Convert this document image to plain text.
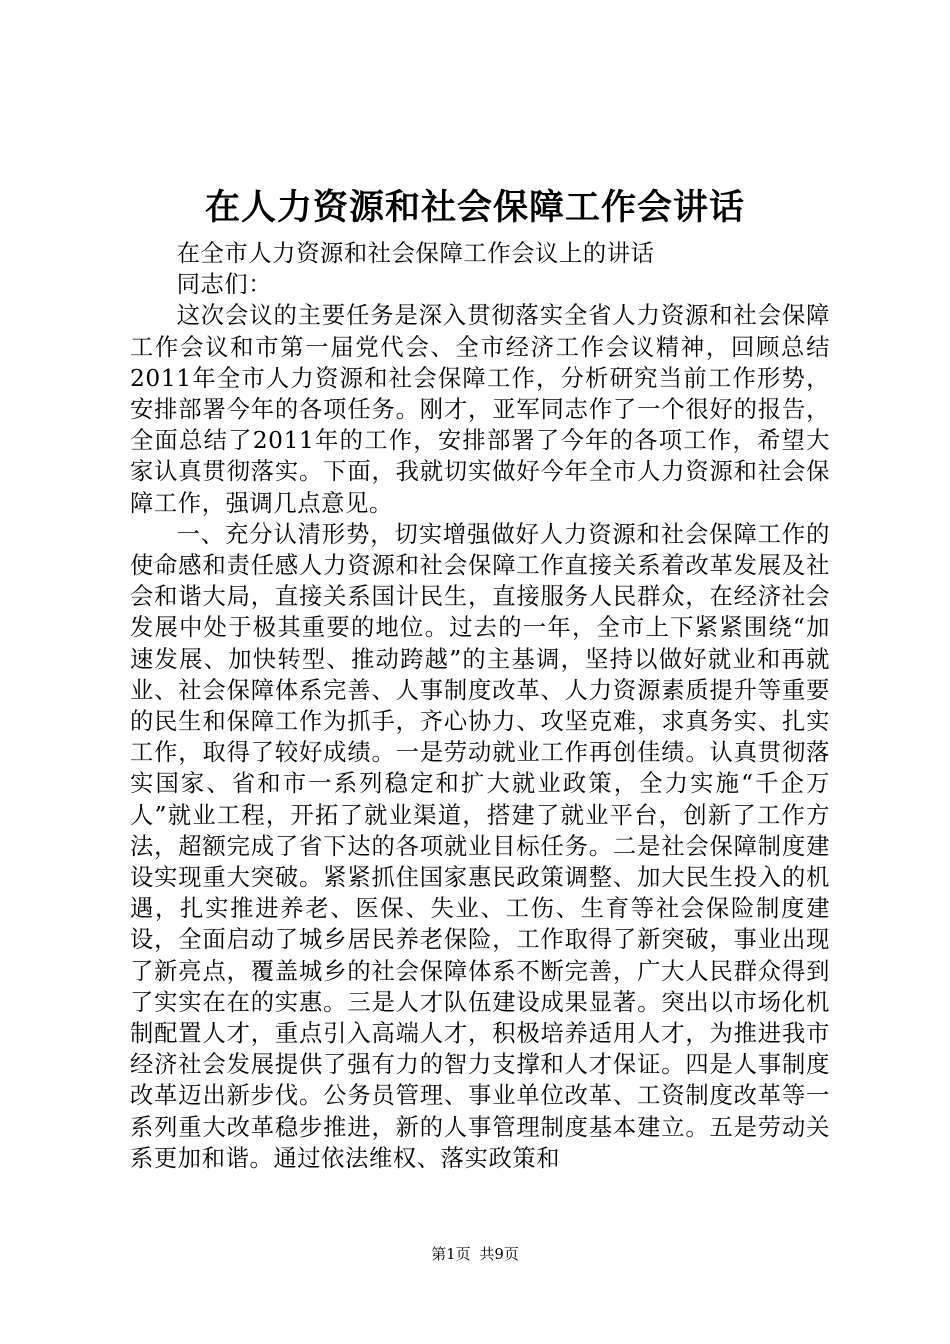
在人力资源和社会保障工作会讲话

在全市人力资源和社会保障工作会议上的讲话

同志们：

这次会议的主要任务是深入贯彻落实全省人力资源和社会保障工作会议和市第一届党代会、全市经济工作会议精神，回顾总结2011年全市人力资源和社会保障工作，分析研究当前工作形势，安排部署今年的各项任务。刚才，亚军同志作了一个很好的报告，全面总结了2011年的工作，安排部署了今年的各项工作，希望大家认真贯彻落实。下面，我就切实做好今年全市人力资源和社会保障工作，强调几点意见。

一、充分认清形势，切实增强做好人力资源和社会保障工作的使命感和责任感人力资源和社会保障工作直接关系着改革发展及社会和谐大局，直接关系国计民生，直接服务人民群众，在经济社会发展中处于极其重要的地位。过去的一年，全市上下紧紧围绕“加速发展、加快转型、推动跨越”的主基调，坚持以做好就业和再就业、社会保障体系完善、人事制度改革、人力资源素质提升等重要的民生和保障工作为抓手，齐心协力、攻坚克难，求真务实、扎实工作，取得了较好成绩。一是劳动就业工作再创佳绩。认真贯彻落实国家、省和市一系列稳定和扩大就业政策，全力实施“千企万人”就业工程，开拓了就业渠道，搭建了就业平台，创新了工作方法，超额完成了省下达的各项就业目标任务。二是社会保障制度建设实现重大突破。紧紧抓住国家惠民政策调整、加大民生投入的机遇，扎实推进养老、医保、失业、工伤、生育等社会保险制度建设，全面启动了城乡居民养老保险，工作取得了新突破，事业出现了新亮点，覆盖城乡的社会保障体系不断完善，广大人民群众得到了实实在在的实惠。三是人才队伍建设成果显著。突出以市场化机制配置人才，重点引入高端人才，积极培养适用人才，为推进我市经济社会发展提供了强有力的智力支撑和人才保证。四是人事制度改革迈出新步伐。公务员管理、事业单位改革、工资制度改革等一系列重大改革稳步推进，新的人事管理制度基本建立。五是劳动关系更加和谐。通过依法维权、落实政策和

第1页 共9页
